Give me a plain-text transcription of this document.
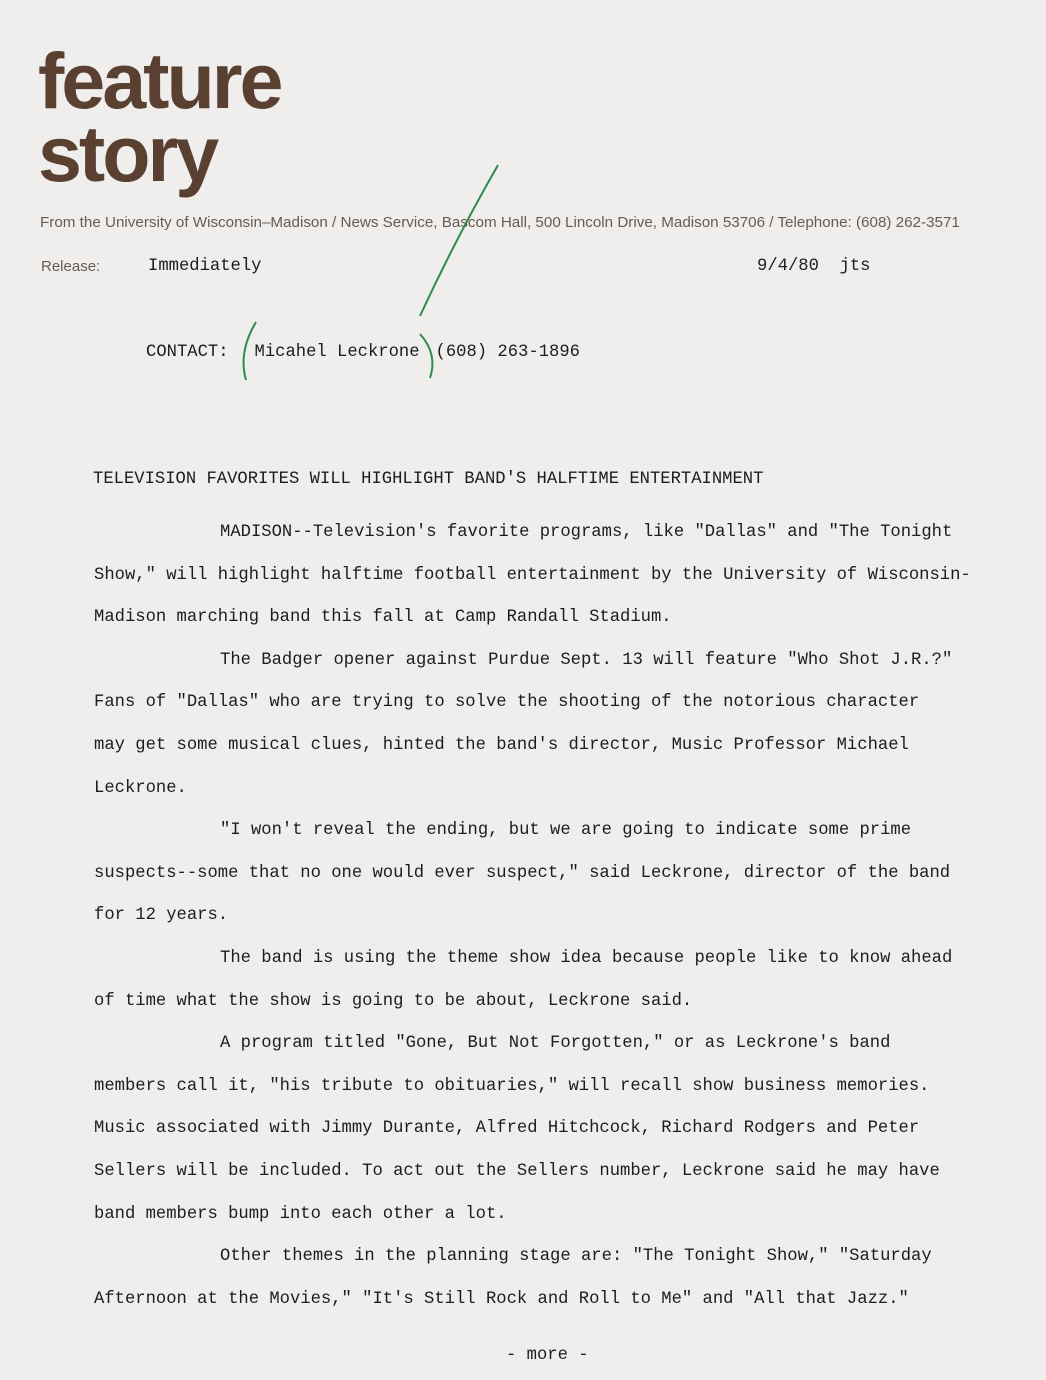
feature
story
From the University of Wisconsin–Madison / News Service, Bascom Hall, 500 Lincoln Drive, Madison 53706 / Telephone: (608) 262-3571
Release:	Immediately	9/4/80  jts
CONTACT: Micahel Leckrone (608) 263-1896
TELEVISION FAVORITES WILL HIGHLIGHT BAND'S HALFTIME ENTERTAINMENT
MADISON--Television's favorite programs, like "Dallas" and "The Tonight
Show," will highlight halftime football entertainment by the University of Wisconsin-
Madison marching band this fall at Camp Randall Stadium.
The Badger opener against Purdue Sept. 13 will feature "Who Shot J.R.?"
Fans of "Dallas" who are trying to solve the shooting of the notorious character
may get some musical clues, hinted the band's director, Music Professor Michael
Leckrone.
"I won't reveal the ending, but we are going to indicate some prime
suspects--some that no one would ever suspect," said Leckrone, director of the band
for 12 years.
The band is using the theme show idea because people like to know ahead
of time what the show is going to be about, Leckrone said.
A program titled "Gone, But Not Forgotten," or as Leckrone's band
members call it, "his tribute to obituaries," will recall show business memories.
Music associated with Jimmy Durante, Alfred Hitchcock, Richard Rodgers and Peter
Sellers will be included. To act out the Sellers number, Leckrone said he may have
band members bump into each other a lot.
Other themes in the planning stage are: "The Tonight Show," "Saturday
Afternoon at the Movies," "It's Still Rock and Roll to Me" and "All that Jazz."
- more -
